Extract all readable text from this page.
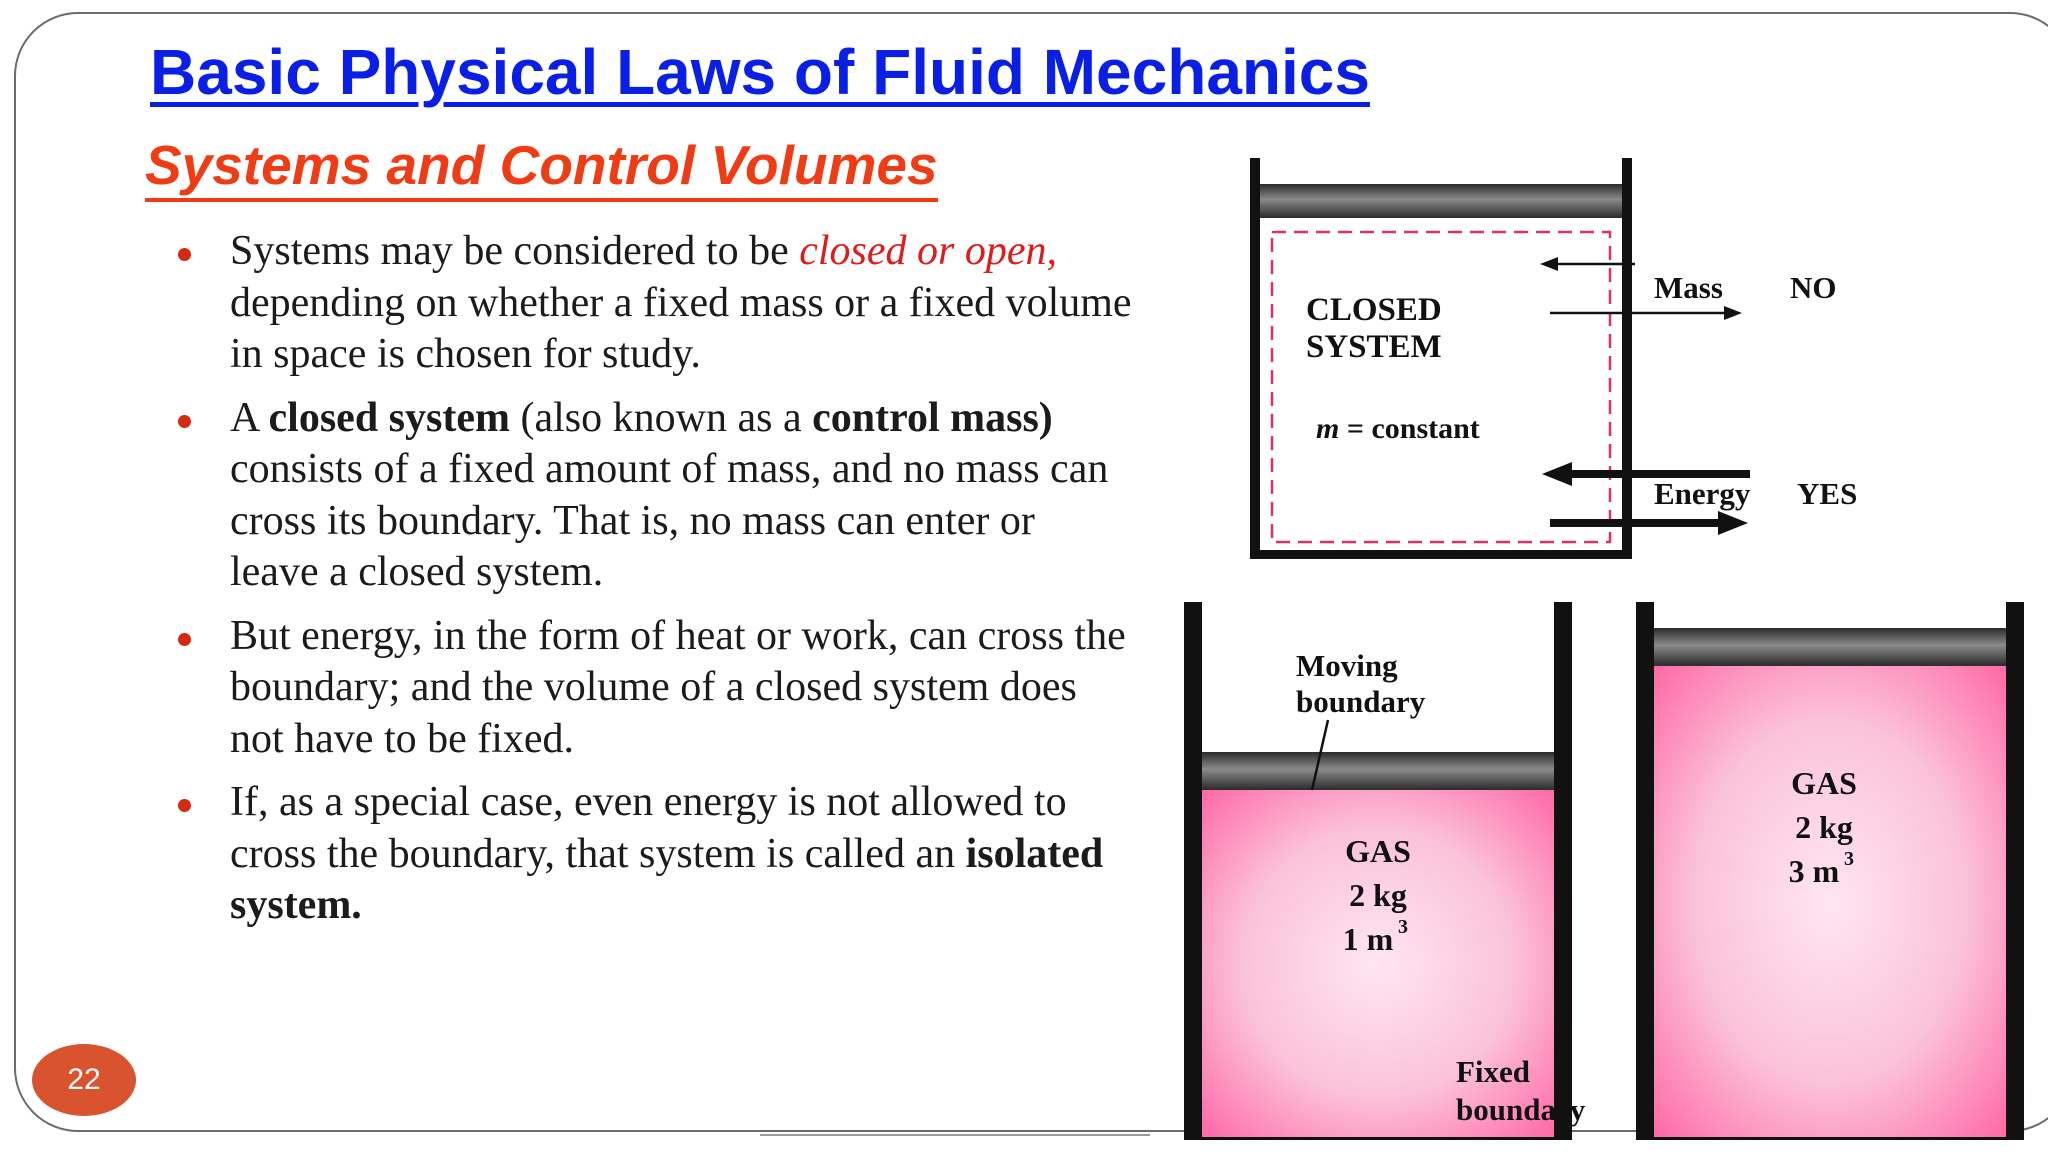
Basic Physical Laws of Fluid Mechanics
Systems and Control Volumes
Systems may be considered to be closed or open, depending on whether a fixed mass or a fixed volume in space is chosen for study.
A closed system (also known as a control mass) consists of a fixed amount of mass, and no mass can cross its boundary. That is, no mass can enter or leave a closed system.
But energy, in the form of heat or work, can cross the boundary; and the volume of a closed system does not have to be fixed.
If, as a special case, even energy is not allowed to cross the boundary, that system is called an isolated system.
22
CLOSED
SYSTEM
m = constant
Mass NO
Energy YES
GAS
2 kg
1 m 3
Moving
boundary
Fixed
boundary
GAS
2 kg
3 m 3
